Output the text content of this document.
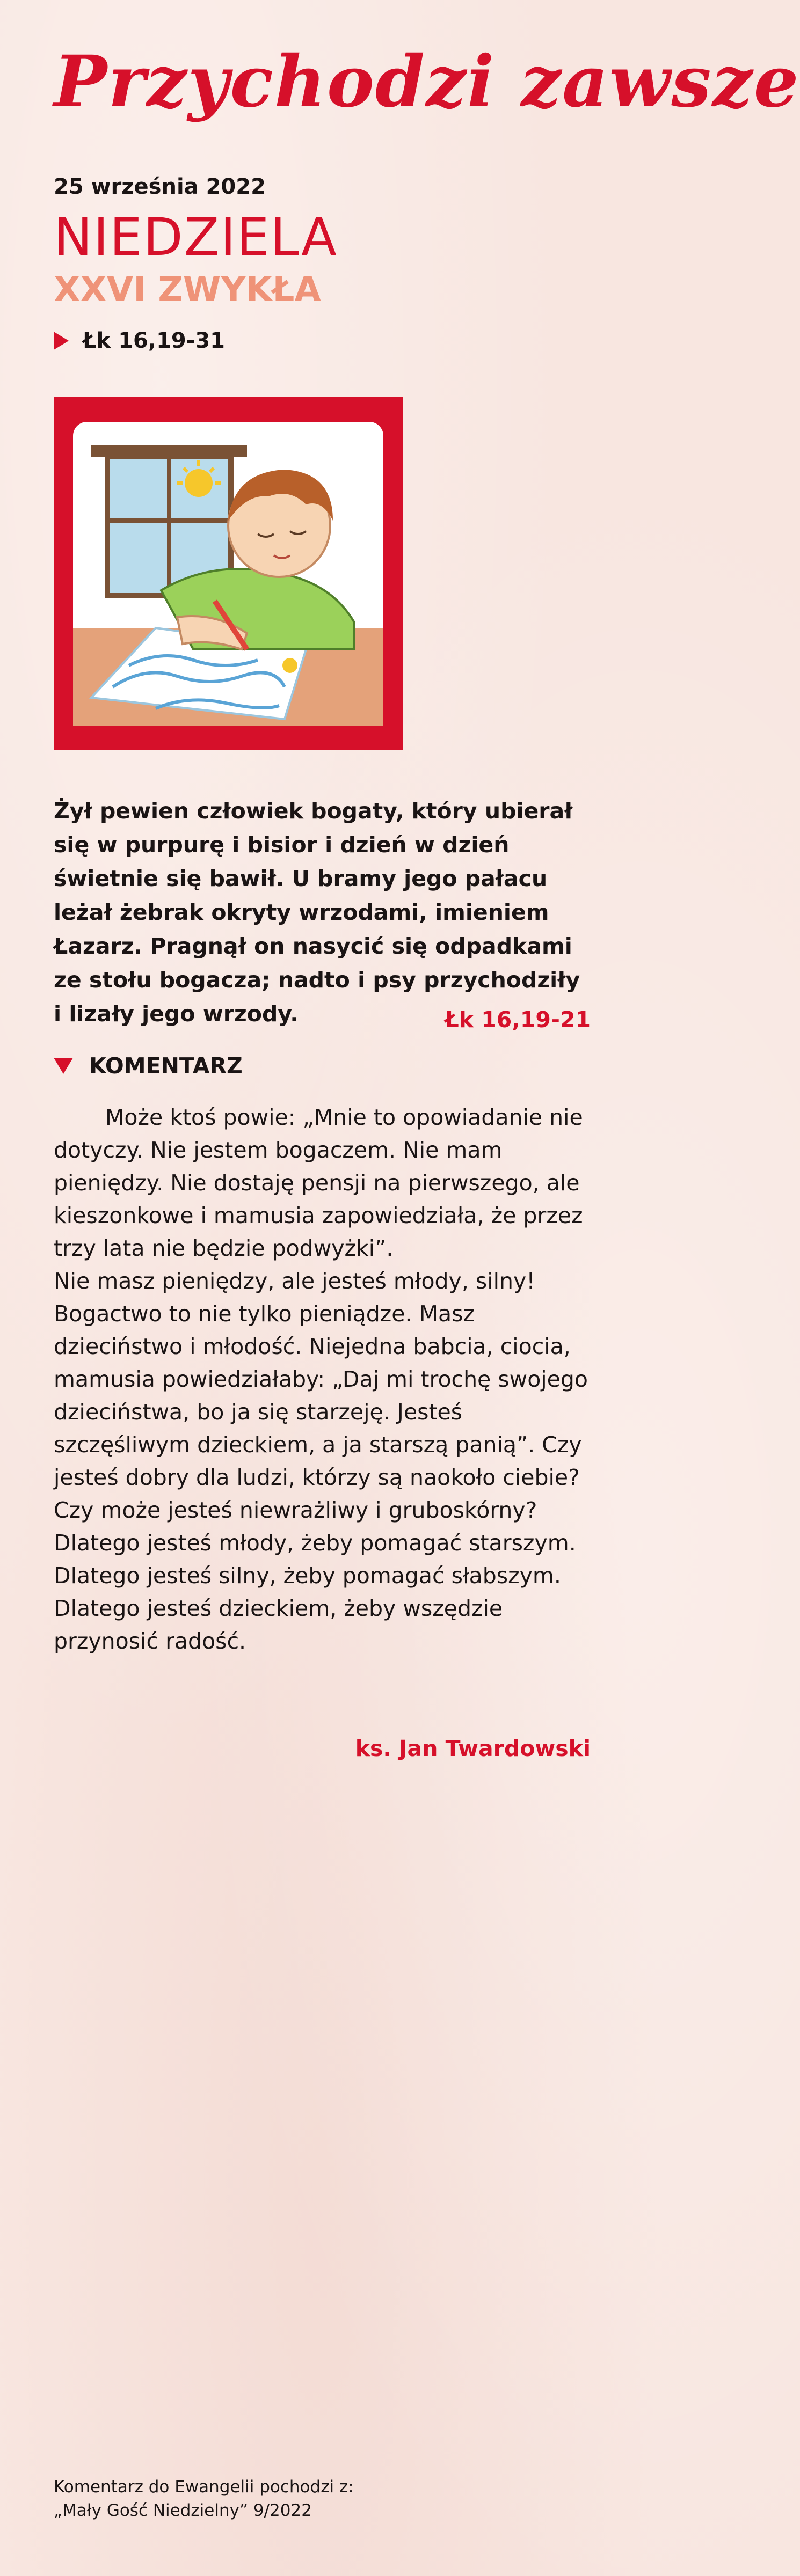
Przychodzi zawsze
25 września 2022
NIEDZIELA
XXVI ZWYKŁA
Łk 16,19-31
Żył pewien człowiek bogaty, który ubierał się w purpurę i bisior i dzień w dzień świetnie się bawił. U bramy jego pałacu leżał żebrak okryty wrzodami, imieniem Łazarz. Pragnął on nasycić się odpadkami ze stołu bogacza; nadto i psy przychodziły i lizały jego wrzody.	Łk 16,19-21
KOMENTARZ

Może ktoś powie: „Mnie to opowiadanie nie dotyczy. Nie jestem bogaczem. Nie mam pieniędzy. Nie dostaję pensji na pierwszego, ale kieszonkowe i mamusia zapowiedziała, że przez trzy lata nie będzie podwyżki”.

Nie masz pieniędzy, ale jesteś młody, silny! Bogactwo to nie tylko pieniądze. Masz dzieciństwo i młodość. Niejedna babcia, ciocia, mamusia powiedziałaby: „Daj mi trochę swojego dzieciństwa, bo ja się starzeję. Jesteś szczęśliwym dzieckiem, a ja starszą panią”. Czy jesteś dobry dla ludzi, którzy są naokoło ciebie? Czy może jesteś niewrażliwy i gruboskórny? Dlatego jesteś młody, żeby pomagać starszym. Dlatego jesteś silny, żeby pomagać słabszym. Dlatego jesteś dzieckiem, żeby wszędzie przynosić radość.

ks. Jan Twardowski
Komentarz do Ewangelii pochodzi z:
„Mały Gość Niedzielny” 9/2022
